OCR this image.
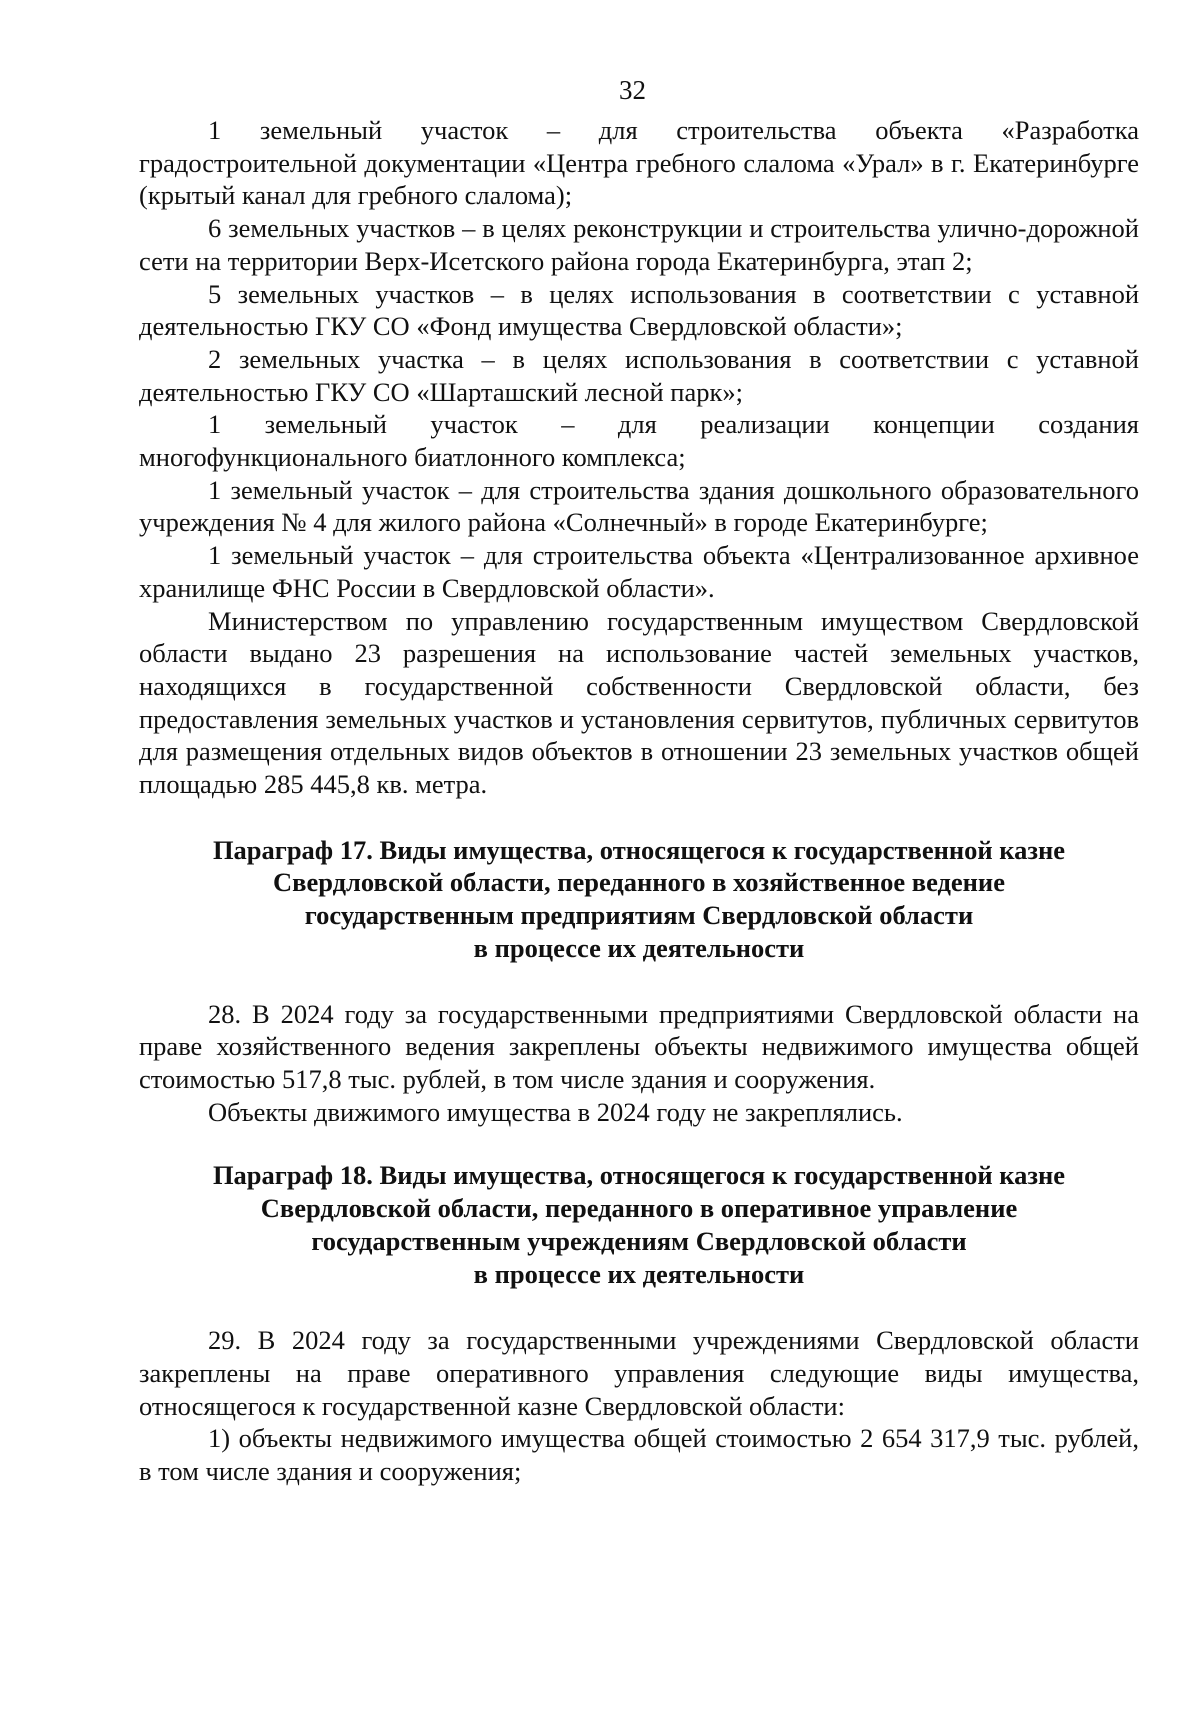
32

1 земельный участок – для строительства объекта «Разработка градостроительной документации «Центра гребного слалома «Урал» в г. Екатеринбурге (крытый канал для гребного слалома);

6 земельных участков – в целях реконструкции и строительства улично-дорожной сети на территории Верх-Исетского района города Екатеринбурга, этап 2;

5 земельных участков – в целях использования в соответствии с уставной деятельностью ГКУ СО «Фонд имущества Свердловской области»;

2 земельных участка – в целях использования в соответствии с уставной деятельностью ГКУ СО «Шарташский лесной парк»;

1 земельный участок – для реализации концепции создания многофункционального биатлонного комплекса;

1 земельный участок – для строительства здания дошкольного образовательного учреждения № 4 для жилого района «Солнечный» в городе Екатеринбурге;

1 земельный участок – для строительства объекта «Централизованное архивное хранилище ФНС России в Свердловской области».

Министерством по управлению государственным имуществом Свердловской области выдано 23 разрешения на использование частей земельных участков, находящихся в государственной собственности Свердловской области, без предоставления земельных участков и установления сервитутов, публичных сервитутов для размещения отдельных видов объектов в отношении 23 земельных участков общей площадью 285 445,8 кв. метра.

Параграф 17. Виды имущества, относящегося к государственной казне
Свердловской области, переданного в хозяйственное ведение
государственным предприятиям Свердловской области
в процессе их деятельности

28. В 2024 году за государственными предприятиями Свердловской области на праве хозяйственного ведения закреплены объекты недвижимого имущества общей стоимостью 517,8 тыс. рублей, в том числе здания и сооружения.

Объекты движимого имущества в 2024 году не закреплялись.

Параграф 18. Виды имущества, относящегося к государственной казне
Свердловской области, переданного в оперативное управление
государственным учреждениям Свердловской области
в процессе их деятельности

29. В 2024 году за государственными учреждениями Свердловской области закреплены на праве оперативного управления следующие виды имущества, относящегося к государственной казне Свердловской области:

1) объекты недвижимого имущества общей стоимостью 2 654 317,9 тыс. рублей, в том числе здания и сооружения;
